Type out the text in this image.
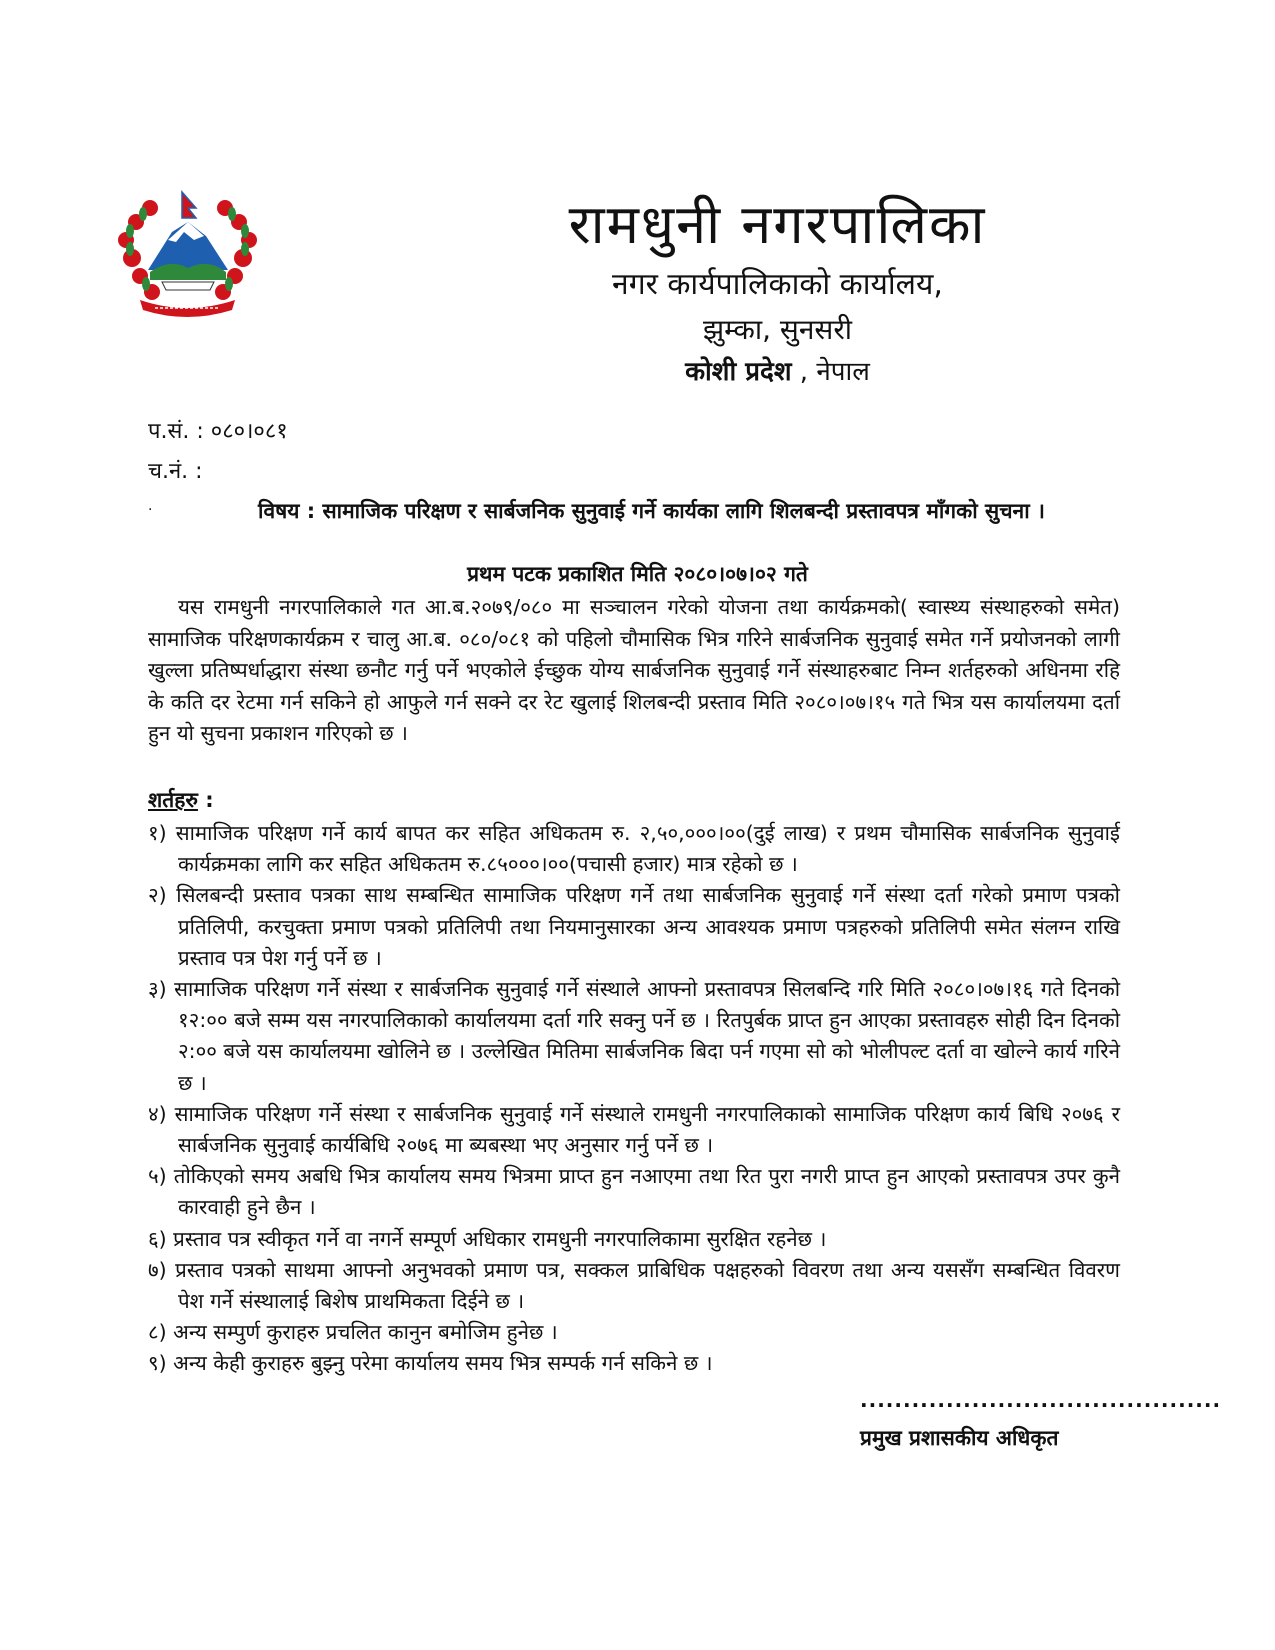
रामधुनी नगरपालिका
नगर कार्यपालिकाको कार्यालय,
झुम्का, सुनसरी
कोशी प्रदेश , नेपाल
प.सं. : ०८०।०८१
च.नं. :
.	विषय : सामाजिक परिक्षण र सार्बजनिक सुनुवाई गर्ने कार्यका लागि शिलबन्दी प्रस्तावपत्र माँगको सुचना ।
प्रथम पटक प्रकाशित मिति २०८०।०७।०२ गते
यस रामधुनी नगरपालिकाले गत आ.ब.२०७९/०८० मा सञ्चालन गरेको योजना तथा कार्यक्रमको( स्वास्थ्य संस्थाहरुको समेत) सामाजिक परिक्षणकार्यक्रम र चालु आ.ब. ०८०/०८१ को पहिलो चौमासिक भित्र गरिने सार्बजनिक सुनुवाई समेत गर्ने प्रयोजनको लागी खुल्ला प्रतिष्पर्धाद्धारा संस्था छनौट गर्नु पर्ने भएकोले ईच्छुक योग्य सार्बजनिक सुनुवाई गर्ने संस्थाहरुबाट निम्न शर्तहरुको अधिनमा रहि के कति दर रेटमा गर्न सकिने हो आफुले गर्न सक्ने दर रेट खुलाई शिलबन्दी प्रस्ताव मिति २०८०।०७।१५ गते भित्र यस कार्यालयमा दर्ता हुन यो सुचना प्रकाशन गरिएको छ ।
शर्तहरु :
१) सामाजिक परिक्षण गर्ने कार्य बापत कर सहित अधिकतम रु. २,५०,०००।००(दुई लाख) र प्रथम चौमासिक सार्बजनिक सुनुवाई कार्यक्रमका लागि कर सहित अधिकतम रु.८५०००।००(पचासी हजार) मात्र रहेको छ ।
२) सिलबन्दी प्रस्ताव पत्रका साथ सम्बन्धित सामाजिक परिक्षण गर्ने तथा सार्बजनिक सुनुवाई गर्ने संस्था दर्ता गरेको प्रमाण पत्रको प्रतिलिपी, करचुक्ता प्रमाण पत्रको प्रतिलिपी तथा नियमानुसारका अन्य आवश्यक प्रमाण पत्रहरुको प्रतिलिपी समेत संलग्न राखि प्रस्ताव पत्र पेश गर्नु पर्ने छ ।
३) सामाजिक परिक्षण गर्ने संस्था र सार्बजनिक सुनुवाई गर्ने संस्थाले आफ्नो प्रस्तावपत्र सिलबन्दि गरि मिति २०८०।०७।१६ गते दिनको १२:०० बजे सम्म यस नगरपालिकाको कार्यालयमा दर्ता गरि सक्नु पर्ने छ । रितपुर्बक प्राप्त हुन आएका प्रस्तावहरु सोही दिन दिनको २:०० बजे यस कार्यालयमा खोलिने छ । उल्लेखित मितिमा सार्बजनिक बिदा पर्न गएमा सो को भोलीपल्ट दर्ता वा खोल्ने कार्य गरिने छ ।
४) सामाजिक परिक्षण गर्ने संस्था र सार्बजनिक सुनुवाई गर्ने संस्थाले रामधुनी नगरपालिकाको सामाजिक परिक्षण कार्य बिधि २०७६ र सार्बजनिक सुनुवाई कार्यबिधि २०७६ मा ब्यबस्था भए अनुसार गर्नु पर्ने छ ।
५) तोकिएको समय अबधि भित्र कार्यालय समय भित्रमा प्राप्त हुन नआएमा तथा रित पुरा नगरी प्राप्त हुन आएको प्रस्तावपत्र उपर कुनै कारवाही हुने छैन ।
६) प्रस्ताव पत्र स्वीकृत गर्ने वा नगर्ने सम्पूर्ण अधिकार रामधुनी नगरपालिकामा सुरक्षित रहनेछ ।
७) प्रस्ताव पत्रको साथमा आफ्नो अनुभवको प्रमाण पत्र, सक्कल प्राबिधिक पक्षहरुको विवरण तथा अन्य यससँग सम्बन्धित विवरण पेश गर्ने संस्थालाई बिशेष प्राथमिकता दिईने छ ।
८) अन्य सम्पुर्ण कुराहरु प्रचलित कानुन बमोजिम हुनेछ ।
९) अन्य केही कुराहरु बुझ्नु परेमा कार्यालय समय भित्र सम्पर्क गर्न सकिने छ ।
..........................................
प्रमुख प्रशासकीय अधिकृत
